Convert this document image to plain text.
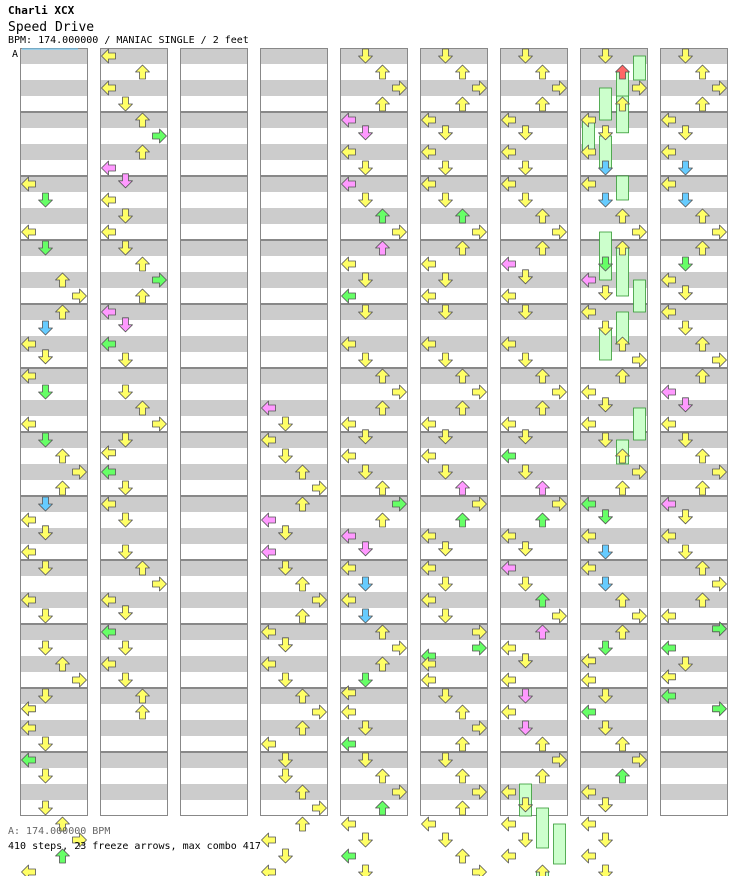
Charli XCX
Speed Drive
BPM: 174.000000 / MANIAC SINGLE / 2 feet
A
A: 174.000000 BPM
410 steps, 23 freeze arrows, max combo 417
